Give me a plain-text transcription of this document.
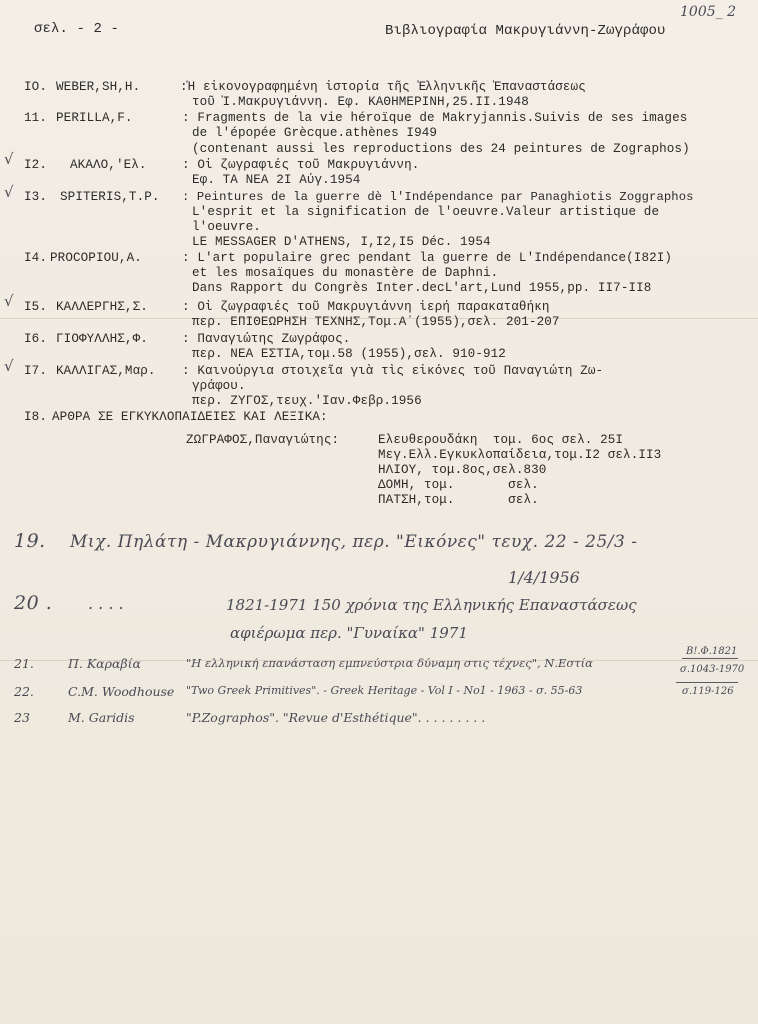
σελ. - 2 -	Βιβλιογραφία Μακρυγιάννη-Ζωγράφου
1005_ 2
IO. WEBER,SH,H.	:Ἡ εἰκονογραφημένη ἱστορία τῆς Ἑλληνικῆς Ἐπαναστάσεως
τοῦ Ἰ.Μακρυγιάννη. Εφ. ΚΑΘΗΜΕΡΙΝΗ,25.II.1948
11. PERILLA,F.	: Fragments de la vie héroïque de Makryjannis.Suivis de ses images
de l'épopée Grècque.athènes I949
(contenant aussi les reproductions des 24 peintures de Zographos)
I2. ΑΚΑΛΟ,'Ελ.	: Οἱ ζωγραφιές τοῦ Μακρυγιάννη.
Εφ. ΤΑ ΝΕΑ 2Ι Αύγ.1954
I3. SPITERIS,T.P. : Peintures de la guerre dè l'Indépendance par Panaghiotis Zoggraphos
L'esprit et la signification de l'oeuvre.Valeur artistique de
l'oeuvre.
LE MESSAGER D'ATHENS, I,I2,I5 Déc. 1954
I4. PROCOPIOU,A.	: L'art populaire grec pendant la guerre de L'Indépendance(I82I)
et les mosaïques du monastère de Daphni.
Dans Rapport du Congrès Inter.decL'art,Lund 1955,pp. II7-II8
I5. ΚΑΛΛΕΡΓΗΣ,Σ.	: Οἱ ζωγραφιές τοῦ Μακρυγιάννη ἱερή παρακαταθήκη
περ. ΕΠΙΘΕΩΡΗΣΗ ΤΕΧΝΗΣ,Τομ.Α΄(1955),σελ. 201-207
I6. ΓΙΟΦΥΛΛΗΣ,Φ.	: Παναγιώτης Ζωγράφος.
περ. ΝΕΑ ΕΣΤΙΑ,τομ.58 (1955),σελ. 910-912
I7. ΚΑΛΛΙΓΑΣ,Μαρ. : Καινούργια στοιχεῖα γιὰ τὶς εἰκόνες τοῦ Παναγιώτη Ζω-
γράφου.
περ. ΖΥΓΟΣ,τευχ.'Ιαν.Φεβρ.1956
I8. ΑΡΘΡΑ ΣΕ ΕΓΚΥΚΛΟΠΑΙΔΕΙΕΣ ΚΑΙ ΛΕΞΙΚΑ:
ΖΩΓΡΑΦΟΣ,Παναγιώτης:	Ελευθερουδάκη  τομ. 6ος σελ. 25Ι
Μεγ.Ελλ.Εγκυκλοπαίδεια,τομ.Ι2 σελ.ΙΙ3
ΗΛΙΟΥ, τομ.8ος,σελ.830
ΔΟΜΗ, τομ.       σελ.
ΠΑΤΣΗ,τομ.       σελ.
√
√
√
√
19. Μιχ. Πηλάτη - Μακρυγιάννης, περ. "Εικόνες" τευχ. 22 - 25/3 -
1/4/1956
20 . . . . .	1821-1971 150 χρόνια της Ελληνικής Επαναστάσεως
αφιέρωμα περ. "Γυναίκα" 1971
21.	Π. Καραβία	"Η ελληνική επανάσταση εμπνεύστρια δύναμη στις τέχνες", Ν.Εστία
Β!.Φ.1821
σ.1043-1970
22.	C.M. Woodhouse "Two Greek Primitives". - Greek Heritage - Vol I - No1 - 1963 - σ. 55-63	σ.119-126
23	M. Garidis	"P.Zographos". "Revue d'Esthétique". . . . . . . . .
